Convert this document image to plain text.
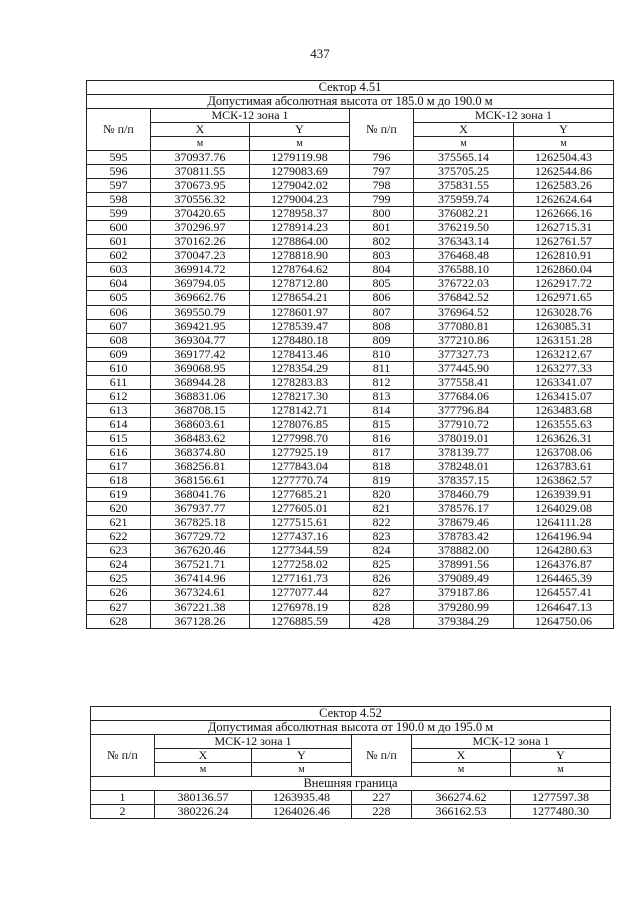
437
Сектор 4.51					
Допустимая абсолютная высота от 185.0 м до 190.0 м					
№ п/п	МСК-12 зона 1		№ п/п	МСК-12 зона 1	
	X	Y		X	Y
	м	м		м	м
595	370937.76	1279119.98	796	375565.14	1262504.43
596	370811.55	1279083.69	797	375705.25	1262544.86
597	370673.95	1279042.02	798	375831.55	1262583.26
598	370556.32	1279004.23	799	375959.74	1262624.64
599	370420.65	1278958.37	800	376082.21	1262666.16
600	370296.97	1278914.23	801	376219.50	1262715.31
601	370162.26	1278864.00	802	376343.14	1262761.57
602	370047.23	1278818.90	803	376468.48	1262810.91
603	369914.72	1278764.62	804	376588.10	1262860.04
604	369794.05	1278712.80	805	376722.03	1262917.72
605	369662.76	1278654.21	806	376842.52	1262971.65
606	369550.79	1278601.97	807	376964.52	1263028.76
607	369421.95	1278539.47	808	377080.81	1263085.31
608	369304.77	1278480.18	809	377210.86	1263151.28
609	369177.42	1278413.46	810	377327.73	1263212.67
610	369068.95	1278354.29	811	377445.90	1263277.33
611	368944.28	1278283.83	812	377558.41	1263341.07
612	368831.06	1278217.30	813	377684.06	1263415.07
613	368708.15	1278142.71	814	377796.84	1263483.68
614	368603.61	1278076.85	815	377910.72	1263555.63
615	368483.62	1277998.70	816	378019.01	1263626.31
616	368374.80	1277925.19	817	378139.77	1263708.06
617	368256.81	1277843.04	818	378248.01	1263783.61
618	368156.61	1277770.74	819	378357.15	1263862.57
619	368041.76	1277685.21	820	378460.79	1263939.91
620	367937.77	1277605.01	821	378576.17	1264029.08
621	367825.18	1277515.61	822	378679.46	1264111.28
622	367729.72	1277437.16	823	378783.42	1264196.94
623	367620.46	1277344.59	824	378882.00	1264280.63
624	367521.71	1277258.02	825	378991.56	1264376.87
625	367414.96	1277161.73	826	379089.49	1264465.39
626	367324.61	1277077.44	827	379187.86	1264557.41
627	367221.38	1276978.19	828	379280.99	1264647.13
628	367128.26	1276885.59	428	379384.29	1264750.06
Сектор 4.52					
Допустимая абсолютная высота от 190.0 м до 195.0 м					
№ п/п	МСК-12 зона 1		№ п/п	МСК-12 зона 1	
	X	Y		X	Y
	м	м		м	м
Внешняя граница					
1	380136.57	1263935.48	227	366274.62	1277597.38
2	380226.24	1264026.46	228	366162.53	1277480.30
